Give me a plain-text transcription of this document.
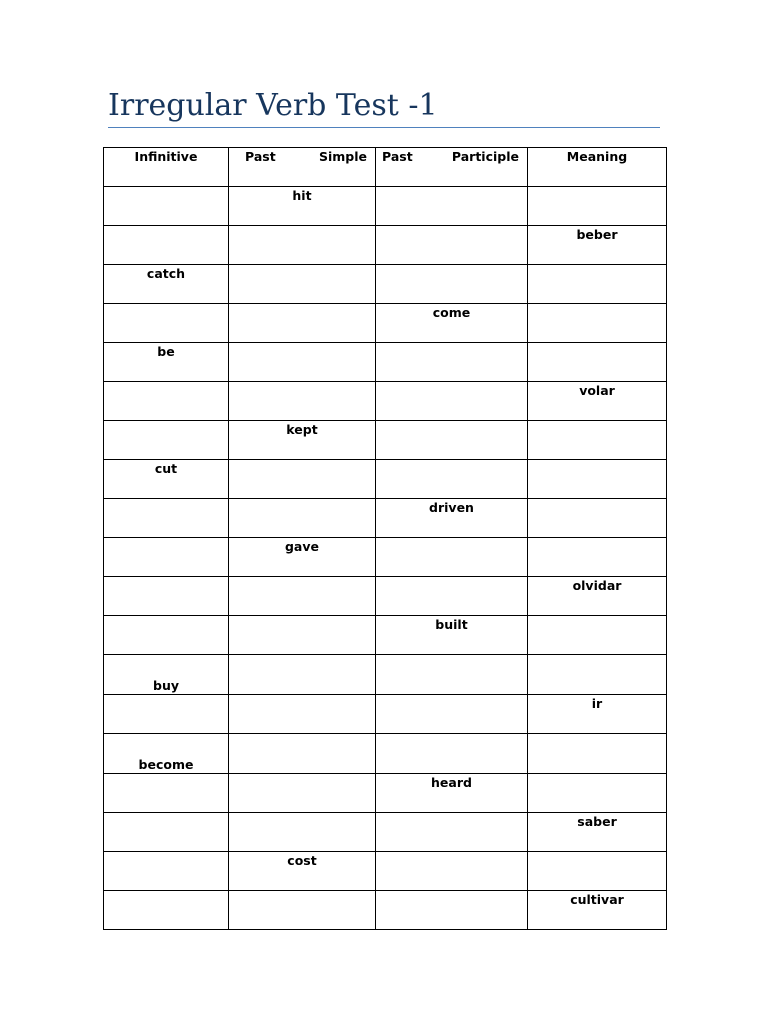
Irregular Verb Test -1
Infinitive	Past Simple	Past Participle	Meaning
	hit		
			beber
catch			
		come	
be			
			volar
	kept		
cut			
		driven	
	gave		
			olvidar
		built	
buy			
			ir
become			
		heard	
			saber
	cost		
			cultivar
